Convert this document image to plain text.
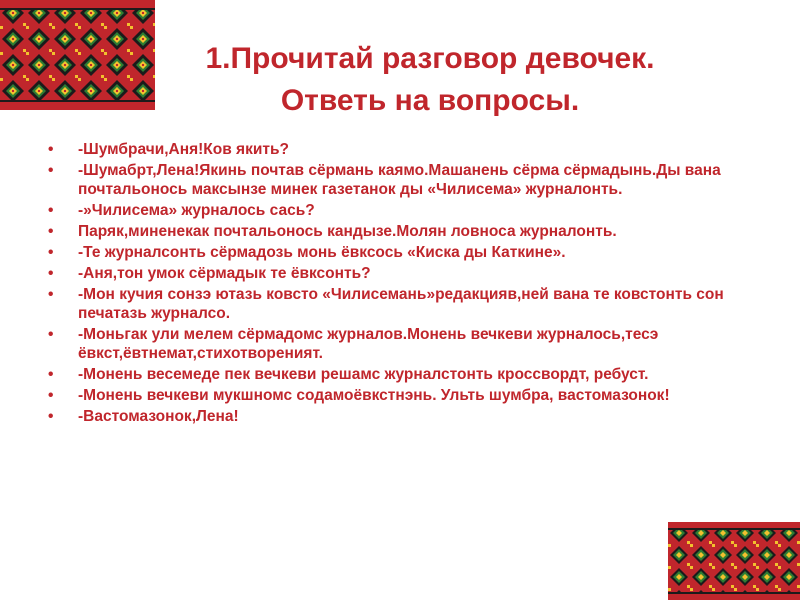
1.Прочитай разговор девочек.
Ответь на вопросы.
• -Шумбрачи,Аня!Ков якить?
• -Шумабрт,Лена!Якинь почтав сёрмань каямо.Машанень сёрма сёрмадынь.Ды вана почтальонось максынзе минек газетанок ды «Чилисема» журналонть.
• -»Чилисема» журналось сась?
• Паряк,миненекак почтальонось кандызе.Молян ловноса журналонть.
• -Те журналсонть сёрмадозь монь ёвксось «Киска ды Каткине».
• -Аня,тон умок сёрмадык те ёвксонть?
• -Мон кучия сонзэ ютазь ковсто «Чилисемань»редакцияв,ней вана те ковстонть сон печатазь журналсо.
• -Моньгак ули мелем сёрмадомс журналов.Монень вечкеви журналось,тесэ ёвкст,ёвтнемат,стихотвореният.
• -Монень весемеде пек вечкеви решамс журналстонть кроссвордт, ребуст.
• -Монень вечкеви мукшномс содамоёвкстнэнь. Ульть шумбра, вастомазонок!
• -Вастомазонок,Лена!
